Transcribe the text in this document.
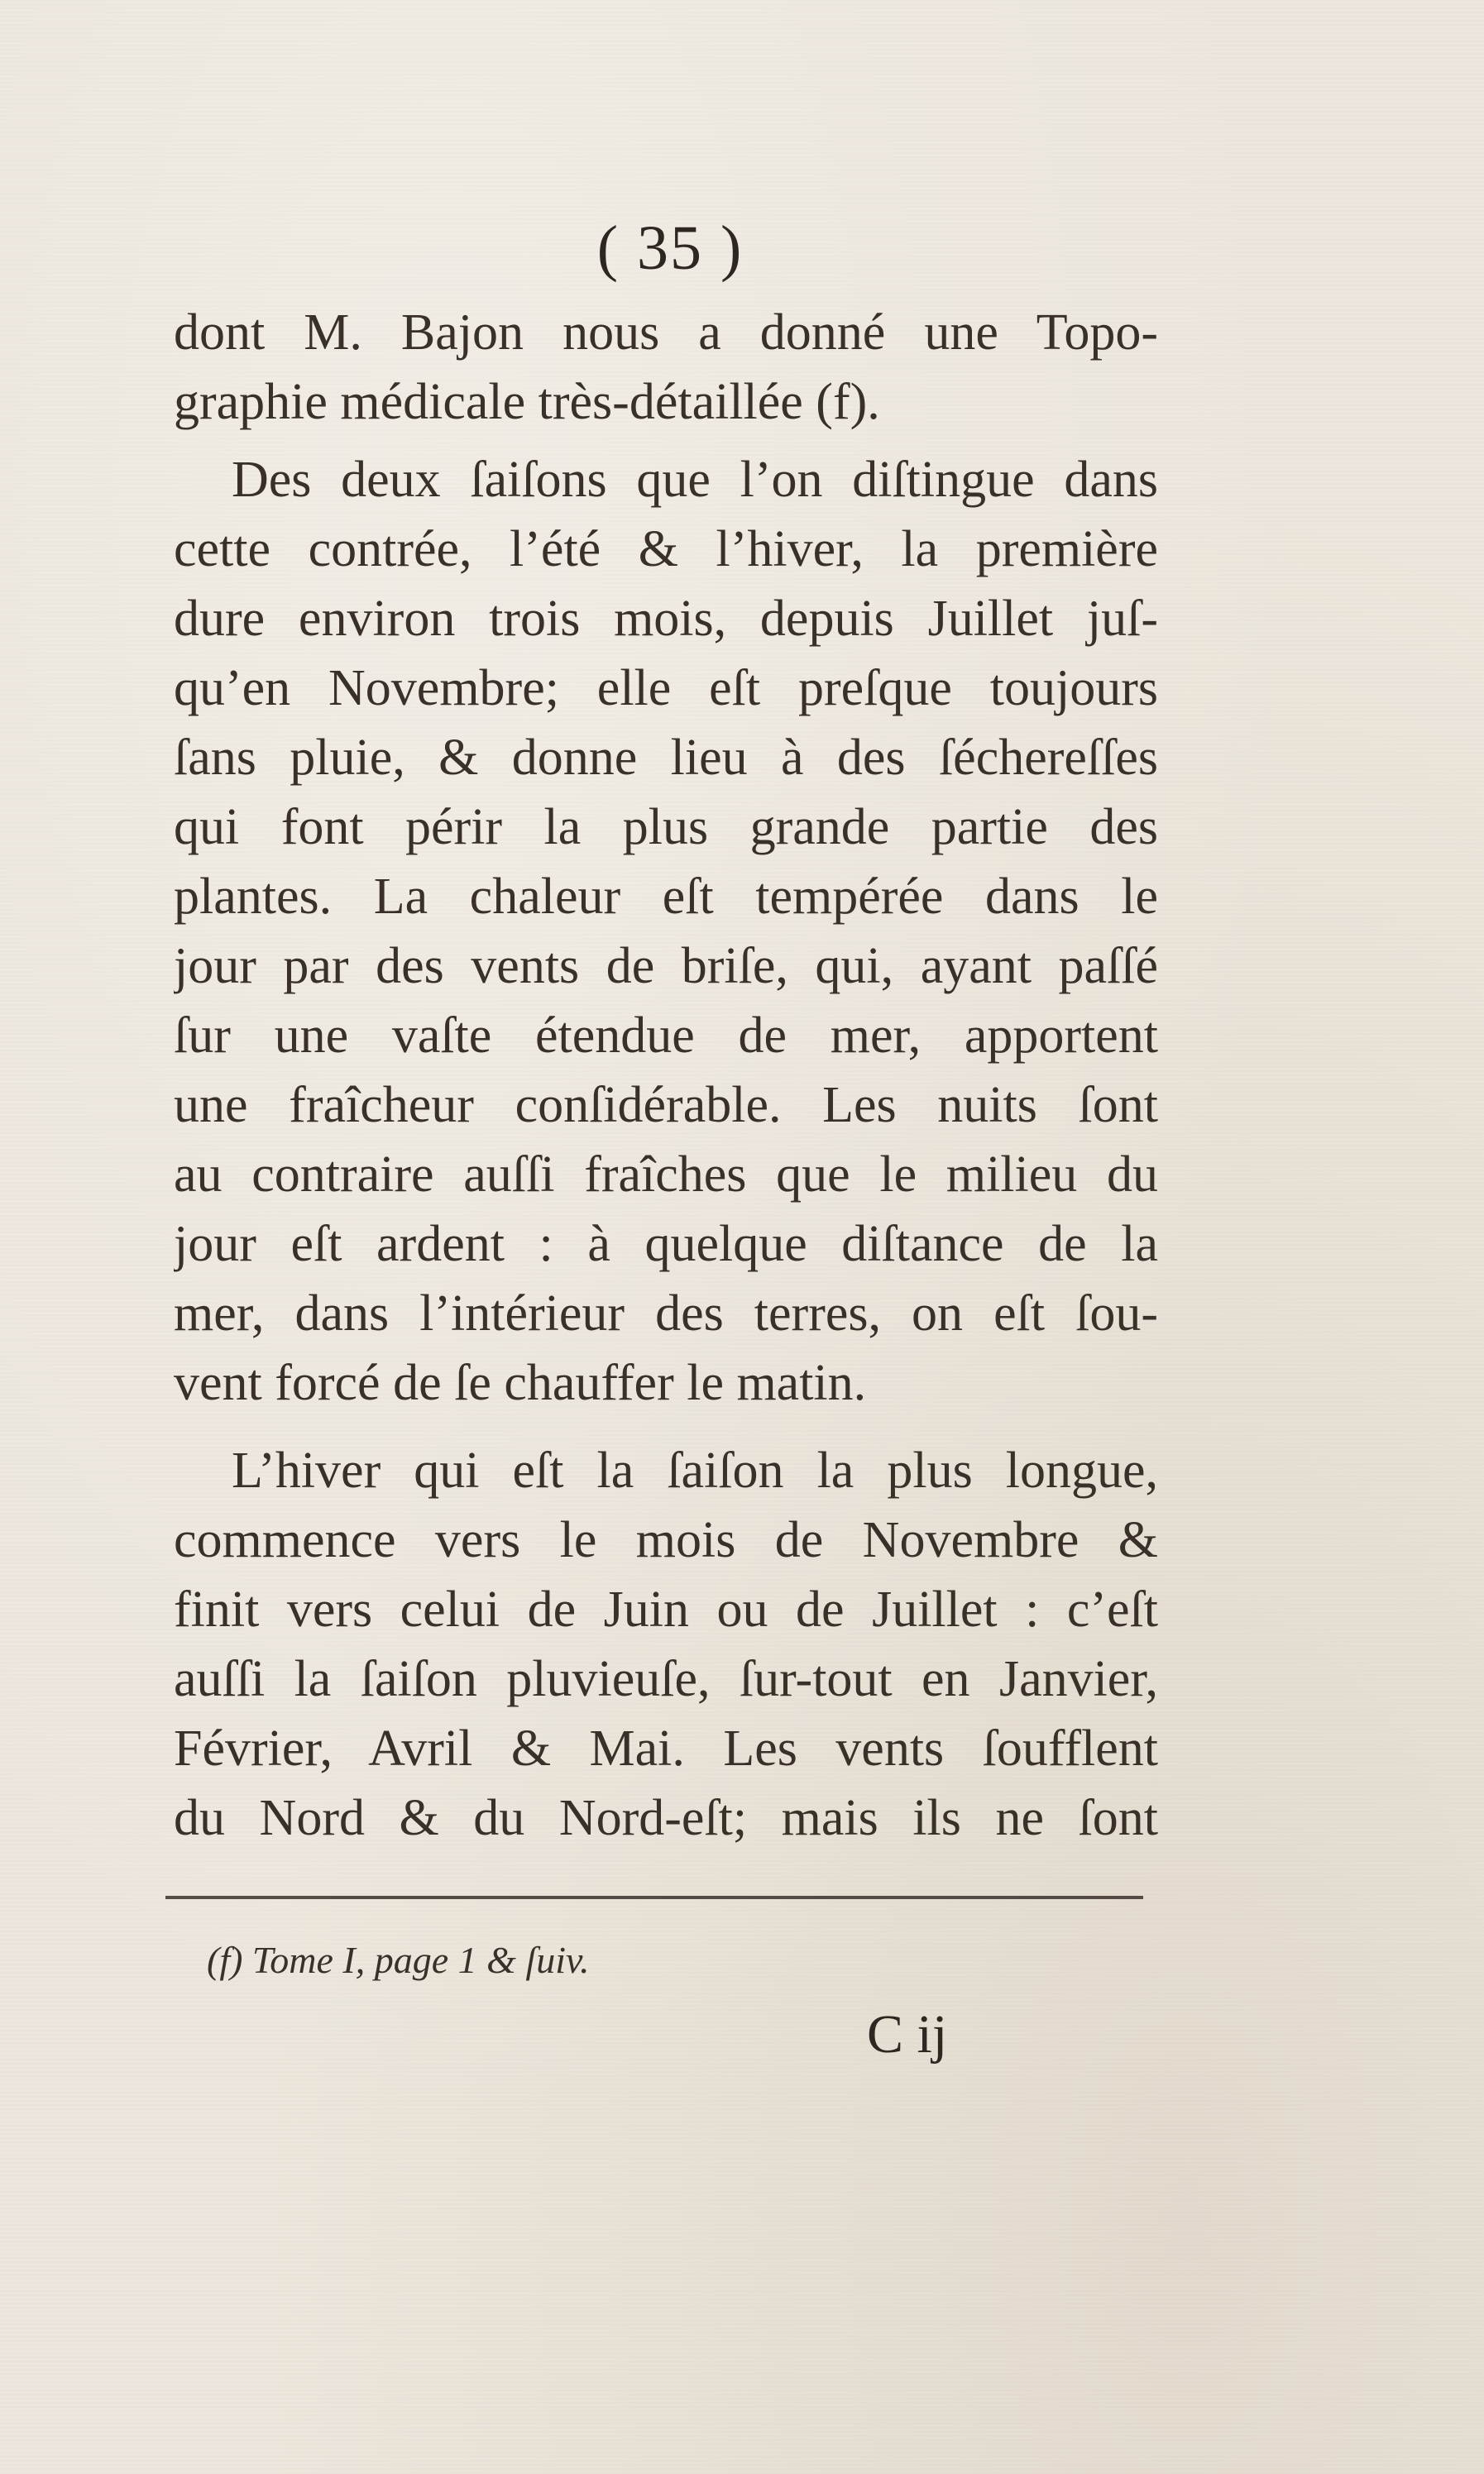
( 35 )
dont M. Bajon nous a donné une Topo-
graphie médicale très-détaillée (f).
Des deux ſaiſons que l’on diſtingue dans
cette contrée, l’été & l’hiver, la première
dure environ trois mois, depuis Juillet juſ-
qu’en Novembre; elle eſt preſque toujours
ſans pluie, & donne lieu à des ſéchereſſes
qui font périr la plus grande partie des
plantes. La chaleur eſt tempérée dans le
jour par des vents de briſe, qui, ayant paſſé
ſur une vaſte étendue de mer, apportent
une fraîcheur conſidérable. Les nuits ſont
au contraire auſſi fraîches que le milieu du
jour eſt ardent : à quelque diſtance de la
mer, dans l’intérieur des terres, on eſt ſou-
vent forcé de ſe chauffer le matin.
L’hiver qui eſt la ſaiſon la plus longue,
commence vers le mois de Novembre &
finit vers celui de Juin ou de Juillet : c’eſt
auſſi la ſaiſon pluvieuſe, ſur-tout en Janvier,
Février, Avril & Mai. Les vents ſoufflent
du Nord & du Nord-eſt; mais ils ne ſont
(f) Tome I, page 1 & ſuiv.
C ij
